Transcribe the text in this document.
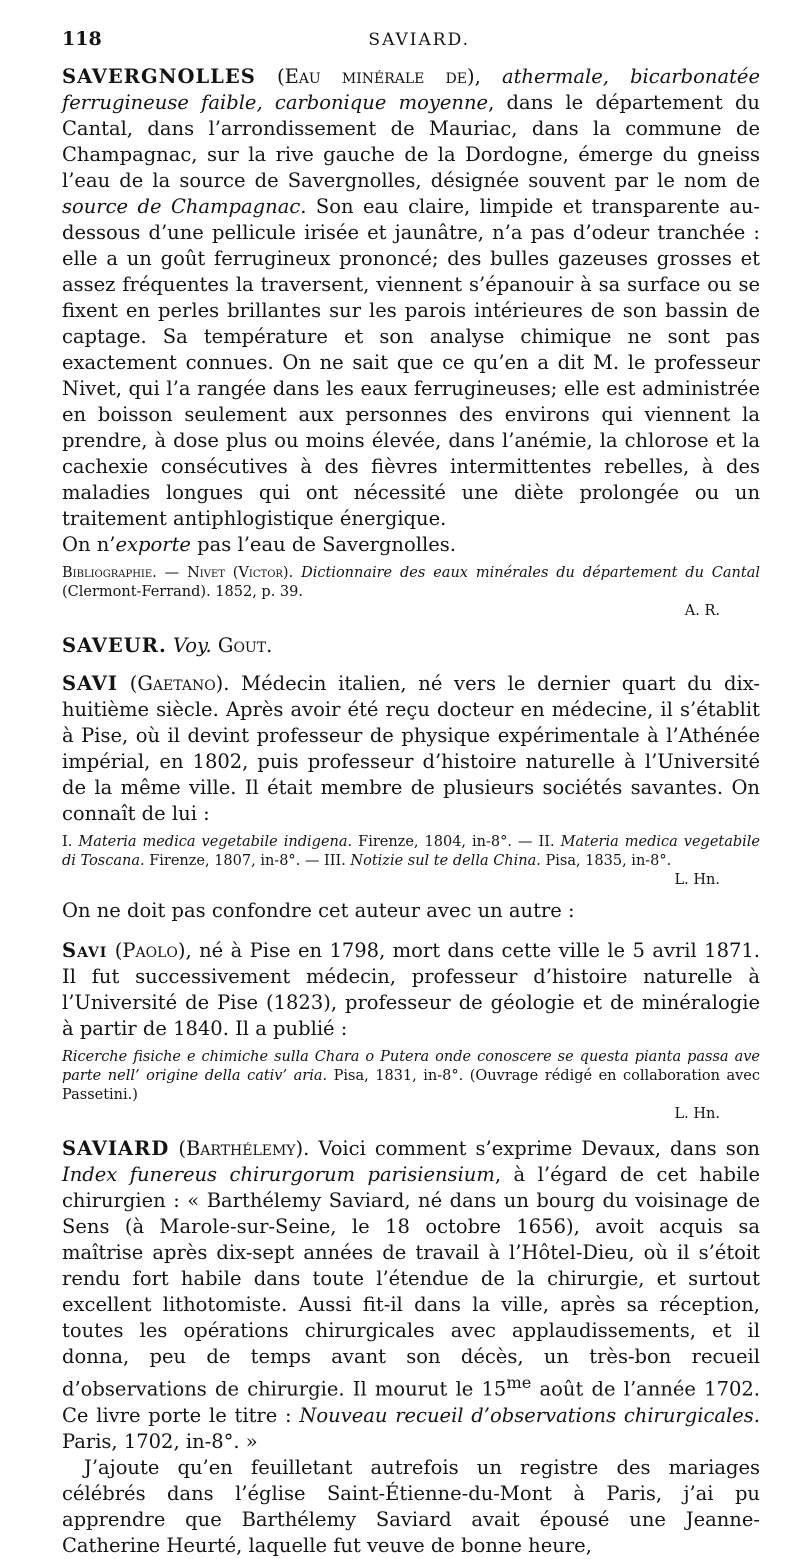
118	SAVIARD.

SAVERGNOLLES (Eau minérale de), athermale, bicarbonatée ferrugineuse faible, carbonique moyenne, dans le département du Cantal, dans l’arrondissement de Mauriac, dans la commune de Champagnac, sur la rive gauche de la Dordogne, émerge du gneiss l’eau de la source de Savergnolles, désignée souvent par le nom de source de Champagnac. Son eau claire, limpide et transparente au-dessous d’une pellicule irisée et jaunâtre, n’a pas d’odeur tranchée : elle a un goût ferrugineux prononcé; des bulles gazeuses grosses et assez fréquentes la traversent, viennent s’épanouir à sa surface ou se fixent en perles brillantes sur les parois intérieures de son bassin de captage. Sa température et son analyse chimique ne sont pas exactement connues. On ne sait que ce qu’en a dit M. le professeur Nivet, qui l’a rangée dans les eaux ferrugineuses; elle est administrée en boisson seulement aux personnes des environs qui viennent la prendre, à dose plus ou moins élevée, dans l’anémie, la chlorose et la cachexie consécutives à des fièvres intermittentes rebelles, à des maladies longues qui ont nécessité une diète prolongée ou un traitement antiphlogistique énergique.

On n’exporte pas l’eau de Savergnolles.

Bibliographie. — Nivet (Victor). Dictionnaire des eaux minérales du département du Cantal (Clermont-Ferrand). 1852, p. 39.
A. R.

SAVEUR. Voy. Gout.

SAVI (Gaetano). Médecin italien, né vers le dernier quart du dix-huitième siècle. Après avoir été reçu docteur en médecine, il s’établit à Pise, où il devint professeur de physique expérimentale à l’Athénée impérial, en 1802, puis professeur d’histoire naturelle à l’Université de la même ville. Il était membre de plusieurs sociétés savantes. On connaît de lui :

I. Materia medica vegetabile indigena. Firenze, 1804, in-8°. — II. Materia medica vegetabile di Toscana. Firenze, 1807, in-8°. — III. Notizie sul te della China. Pisa, 1835, in-8°.
L. Hn.

On ne doit pas confondre cet auteur avec un autre :

Savi (Paolo), né à Pise en 1798, mort dans cette ville le 5 avril 1871. Il fut successivement médecin, professeur d’histoire naturelle à l’Université de Pise (1823), professeur de géologie et de minéralogie à partir de 1840. Il a publié :

Ricerche fisiche e chimiche sulla Chara o Putera onde conoscere se questa pianta passa ave parte nell’ origine della cativ’ aria. Pisa, 1831, in-8°. (Ouvrage rédigé en collaboration avec Passetini.)
L. Hn.

SAVIARD (Barthélemy). Voici comment s’exprime Devaux, dans son Index funereus chirurgorum parisiensium, à l’égard de cet habile chirurgien : « Barthélemy Saviard, né dans un bourg du voisinage de Sens (à Marole-sur-Seine, le 18 octobre 1656), avoit acquis sa maîtrise après dix-sept années de travail à l’Hôtel-Dieu, où il s’étoit rendu fort habile dans toute l’étendue de la chirurgie, et surtout excellent lithotomiste. Aussi fit-il dans la ville, après sa réception, toutes les opérations chirurgicales avec applaudissements, et il donna, peu de temps avant son décès, un très-bon recueil d’observations de chirurgie. Il mourut le $15^{me}$ août de l’année 1702. Ce livre porte le titre : Nouveau recueil d’observations chirurgicales. Paris, 1702, in-8°. »

J’ajoute qu’en feuilletant autrefois un registre des mariages célébrés dans l’église Saint-Étienne-du-Mont à Paris, j’ai pu apprendre que Barthélemy Saviard avait épousé une Jeanne-Catherine Heurté, laquelle fut veuve de bonne heure,
